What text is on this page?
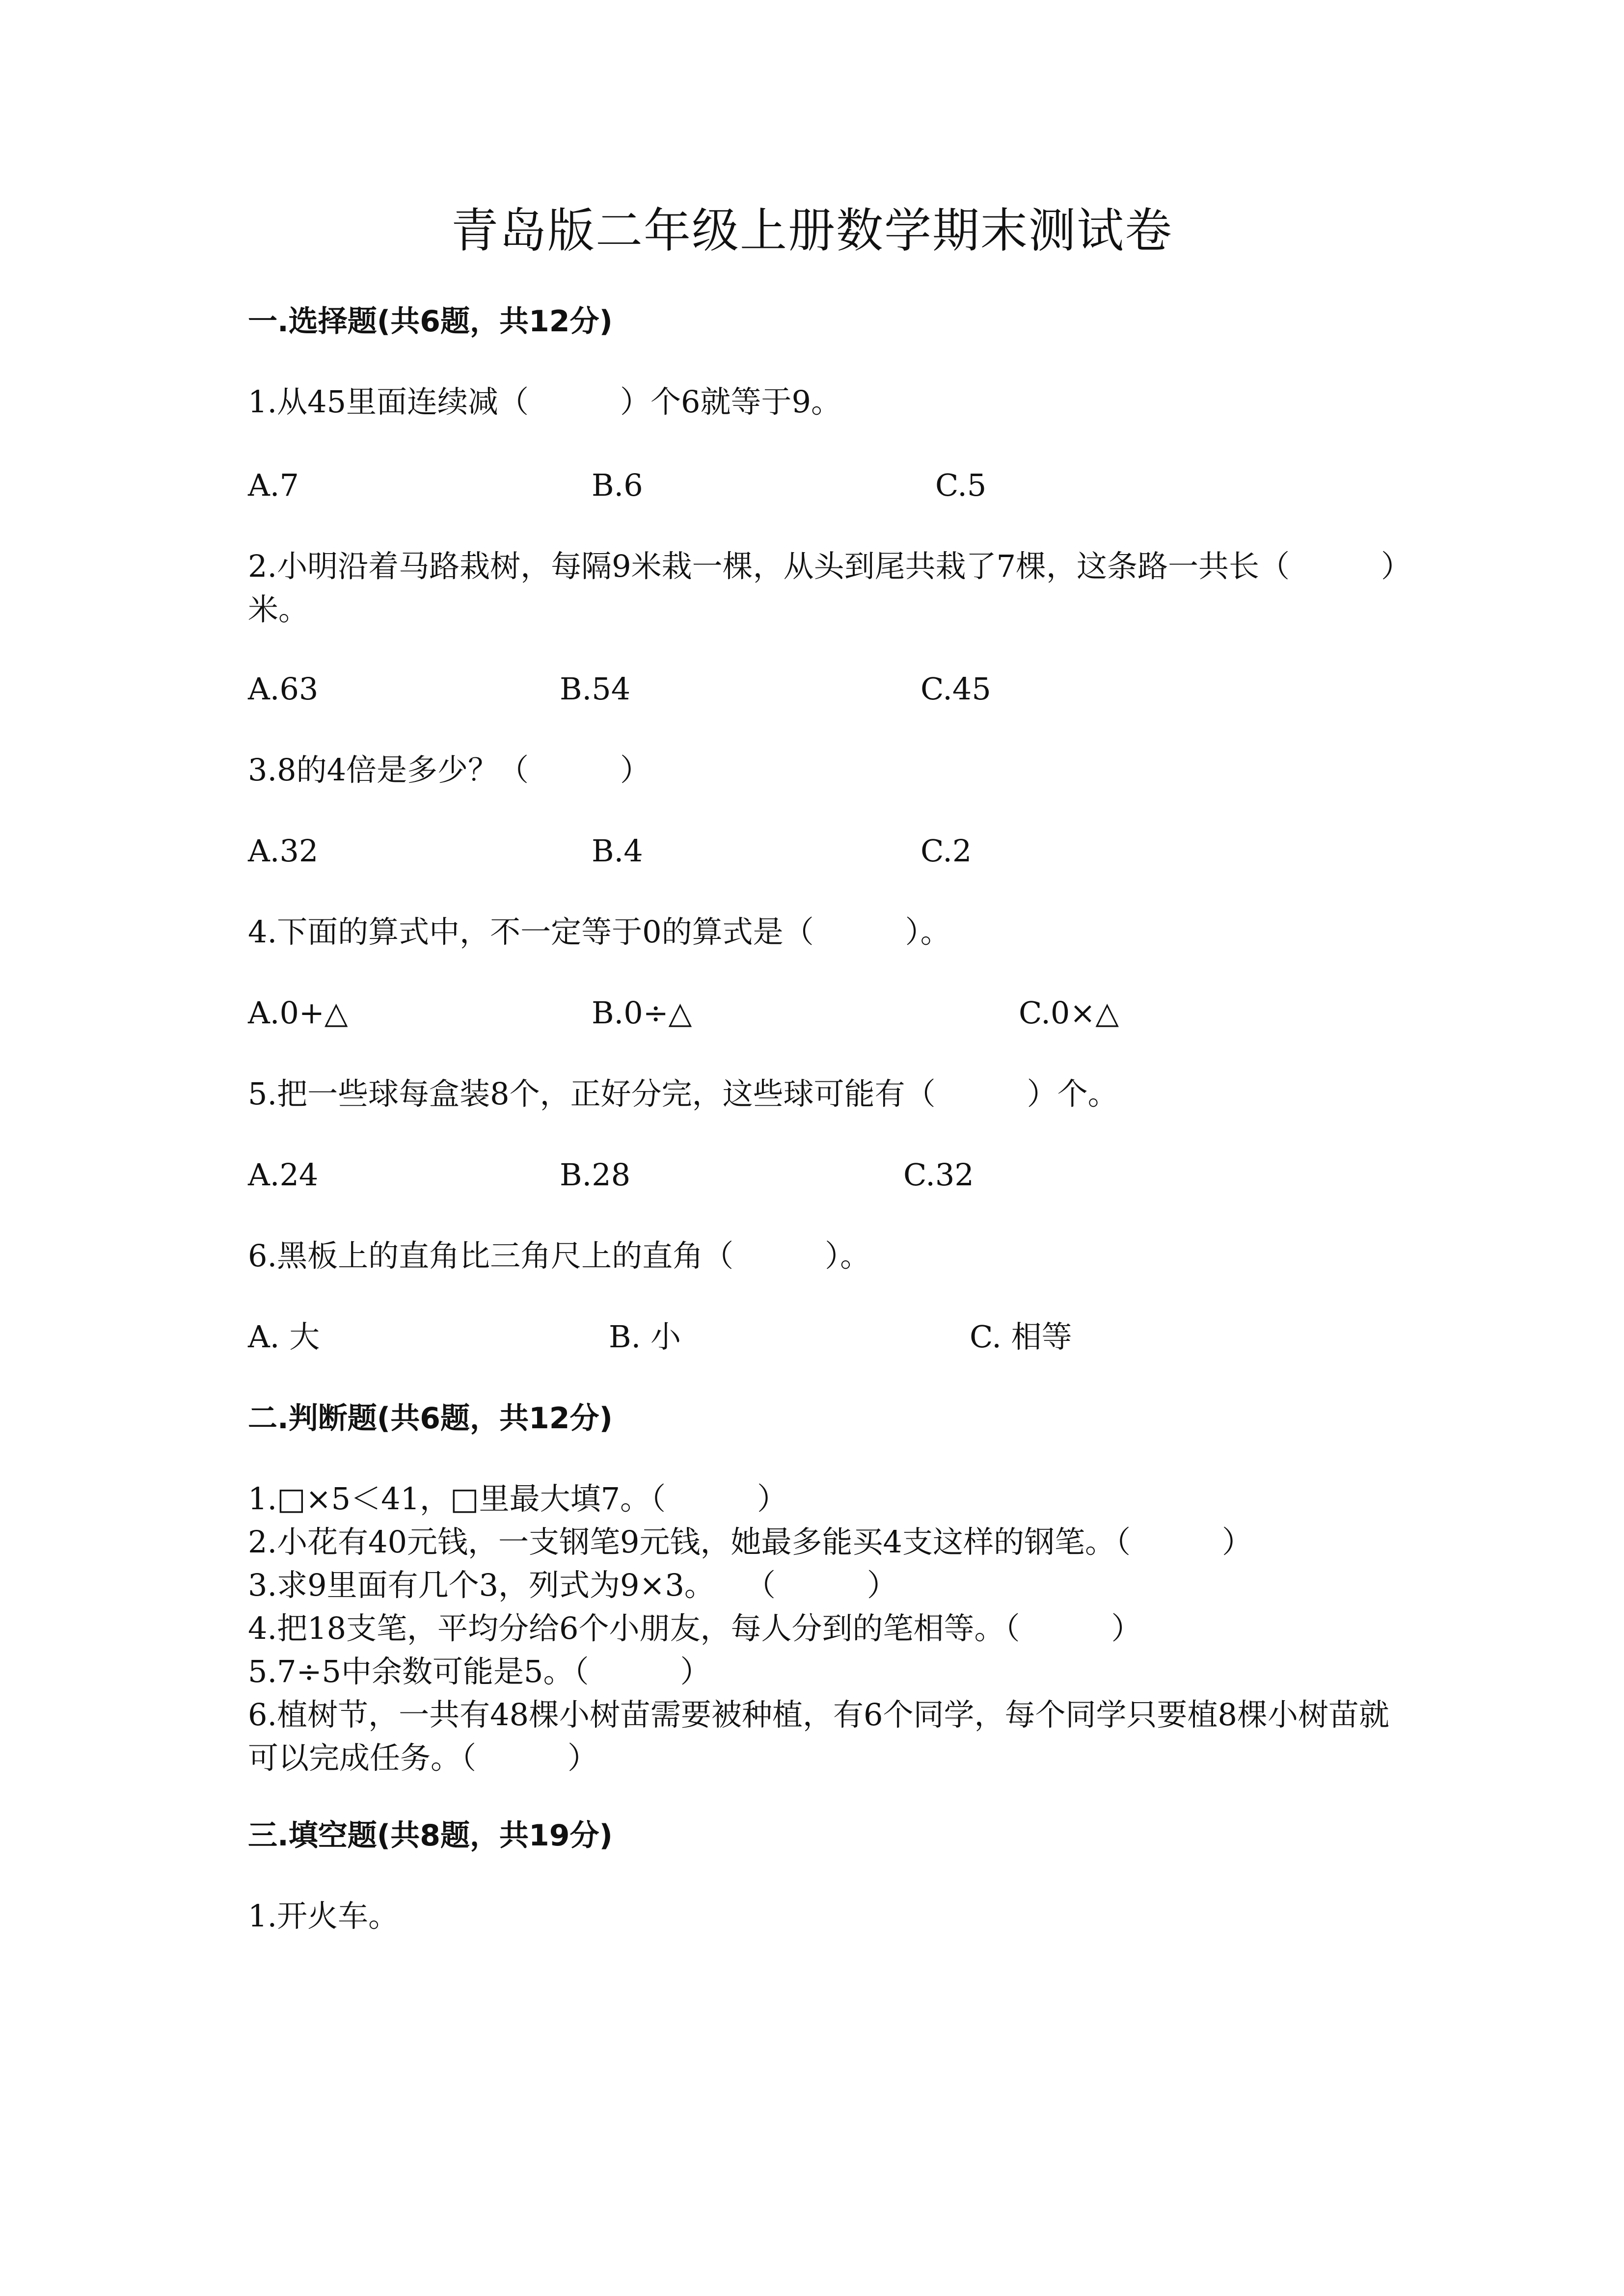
青岛版二年级上册数学期末测试卷
一.选择题(共6题，共12分)
1.从45里面连续减（　　　）个6就等于9。
A.7	B.6	C.5
2.小明沿着马路栽树，每隔9米栽一棵，从头到尾共栽了7棵，这条路一共长（　　　）米。
A.63	B.54	C.45
3.8的4倍是多少？（　　　）
A.32	B.4	C.2
4.下面的算式中，不一定等于0的算式是（　　　）。
A.0+△	B.0÷△	C.0×△
5.把一些球每盒装8个，正好分完，这些球可能有（　　　）个。
A.24	B.28	C.32
6.黑板上的直角比三角尺上的直角（　　　）。
A. 大	B. 小	C. 相等
二.判断题(共6题，共12分)
1.□×5＜41，□里最大填7。（　　　）
2.小花有40元钱，一支钢笔9元钱，她最多能买4支这样的钢笔。（　　　）
3.求9里面有几个3，列式为9×3。　　（　　　）
4.把18支笔，平均分给6个小朋友，每人分到的笔相等。（　　　）
5.7÷5中余数可能是5。（　　　）
6.植树节，一共有48棵小树苗需要被种植，有6个同学，每个同学只要植8棵小树苗就可以完成任务。（　　　）
三.填空题(共8题，共19分)
1.开火车。
